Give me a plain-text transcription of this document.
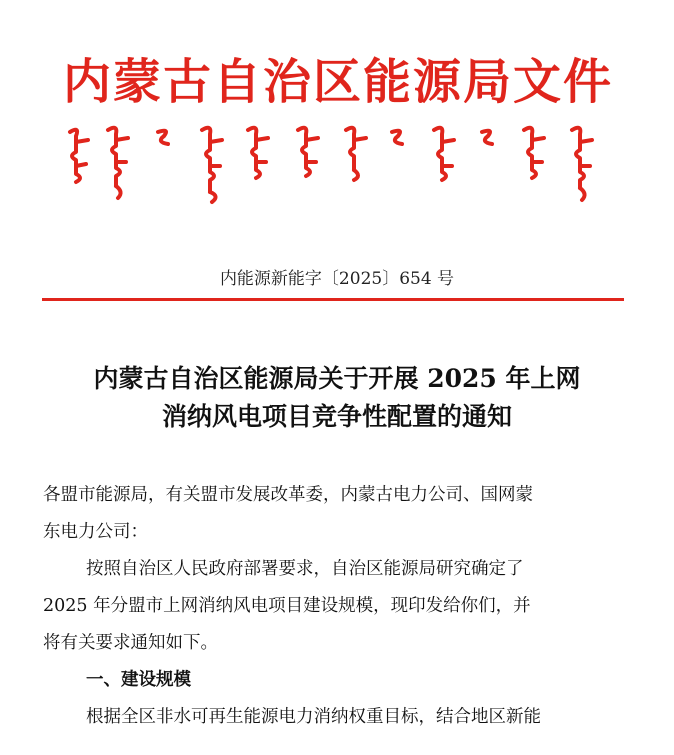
内蒙古自治区能源局文件
内能源新能字〔2025〕654 号
内蒙古自治区能源局关于开展 2025 年上网
消纳风电项目竞争性配置的通知
各盟市能源局，有关盟市发展改革委，内蒙古电力公司、国网蒙
东电力公司：
按照自治区人民政府部署要求，自治区能源局研究确定了
2025 年分盟市上网消纳风电项目建设规模，现印发给你们，并
将有关要求通知如下。
一、建设规模
根据全区非水可再生能源电力消纳权重目标，结合地区新能
